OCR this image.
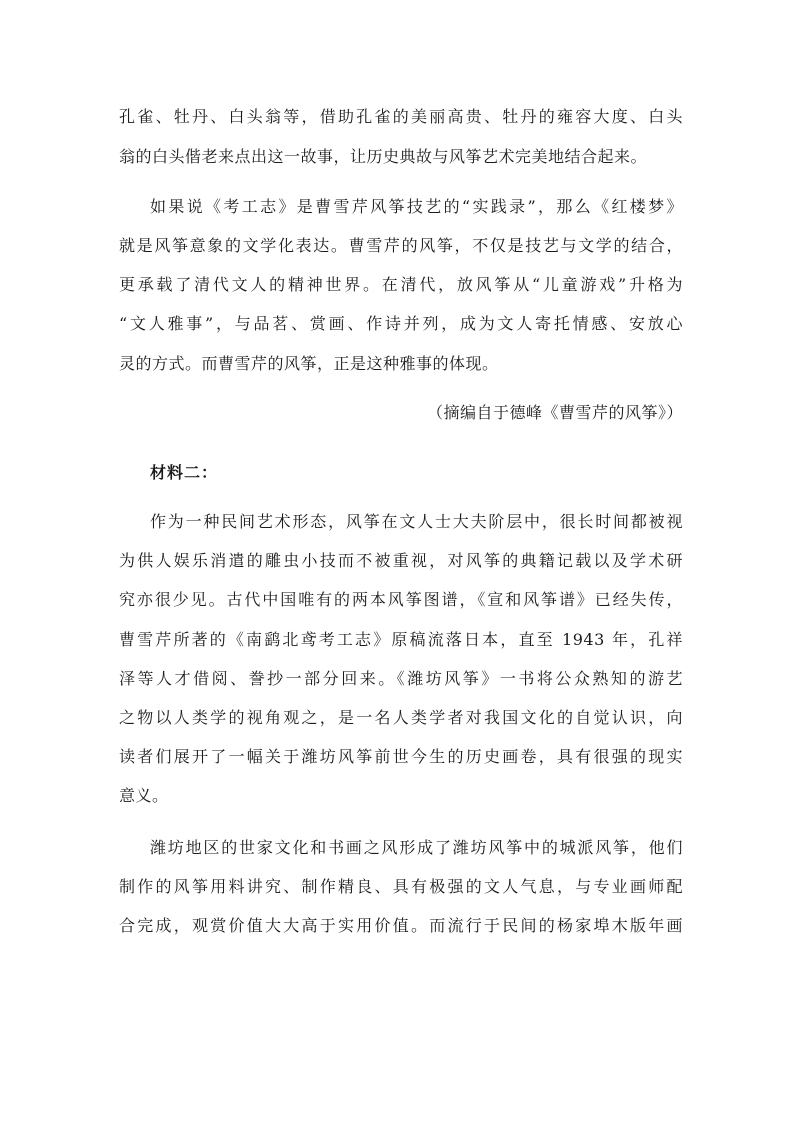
孔雀、牡丹、白头翁等，借助孔雀的美丽高贵、牡丹的雍容大度、白头
翁的白头偕老来点出这一故事，让历史典故与风筝艺术完美地结合起来。
如果说《考工志》是曹雪芹风筝技艺的“实践录”，那么《红楼梦》
就是风筝意象的文学化表达。曹雪芹的风筝，不仅是技艺与文学的结合，
更承载了清代文人的精神世界。在清代，放风筝从“儿童游戏”升格为
“文人雅事”，与品茗、赏画、作诗并列，成为文人寄托情感、安放心
灵的方式。而曹雪芹的风筝，正是这种雅事的体现。
（摘编自于德峰《曹雪芹的风筝》）
材料二：
作为一种民间艺术形态，风筝在文人士大夫阶层中，很长时间都被视
为供人娱乐消遣的雕虫小技而不被重视，对风筝的典籍记载以及学术研
究亦很少见。古代中国唯有的两本风筝图谱，《宣和风筝谱》已经失传，
曹雪芹所著的《南鹞北鸢考工志》原稿流落日本，直至 1943 年，孔祥
泽等人才借阅、誊抄一部分回来。《潍坊风筝》一书将公众熟知的游艺
之物以人类学的视角观之，是一名人类学者对我国文化的自觉认识，向
读者们展开了一幅关于潍坊风筝前世今生的历史画卷，具有很强的现实
意义。
潍坊地区的世家文化和书画之风形成了潍坊风筝中的城派风筝，他们
制作的风筝用料讲究、制作精良、具有极强的文人气息，与专业画师配
合完成，观赏价值大大高于实用价值。而流行于民间的杨家埠木版年画
